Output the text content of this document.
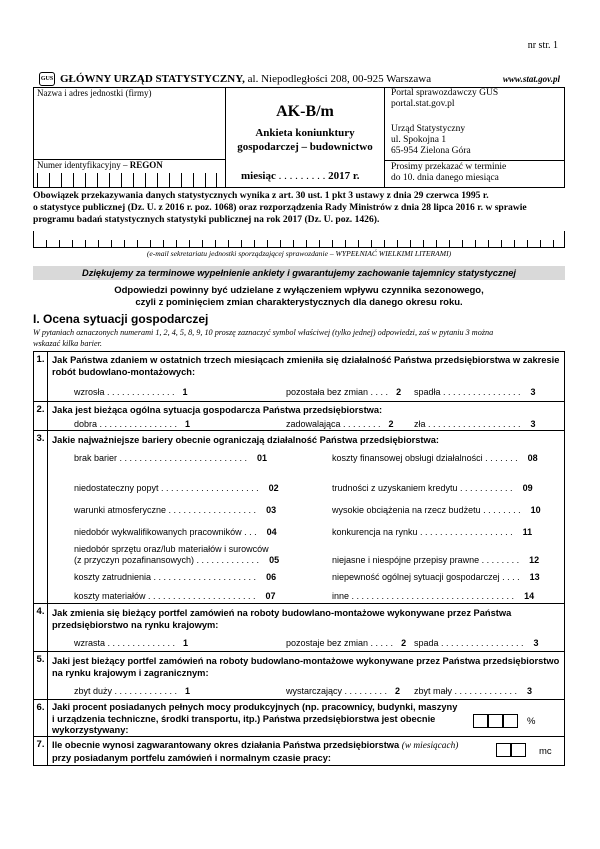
nr str. 1
GUS GŁÓWNY URZĄD STATYSTYCZNY, al. Niepodległości 208, 00-925 Warszawa	www.stat.gov.pl
Nazwa i adres jednostki (firmy)
Numer identyfikacyjny – REGON
AK-B/m
Ankieta koniunktury
gospodarczej – budownictwo
miesiąc . . . . . . . . . 2017 r.
Portal sprawozdawczy GUS
portal.stat.gov.pl
Urząd Statystyczny
ul. Spokojna 1
65-954 Zielona Góra
Prosimy przekazać w terminie
do 10. dnia danego miesiąca
Obowiązek przekazywania danych statystycznych wynika z art. 30 ust. 1 pkt 3 ustawy z dnia 29 czerwca 1995 r.
o statystyce publicznej (Dz. U. z 2016 r. poz. 1068) oraz rozporządzenia Rady Ministrów z dnia 28 lipca 2016 r. w sprawie
programu badań statystycznych statystyki publicznej na rok 2017 (Dz. U. poz. 1426).
(e-mail sekretariatu jednostki sporządzającej sprawozdanie – WYPEŁNIAĆ WIELKIMI LITERAMI)
Dziękujemy za terminowe wypełnienie ankiety i gwarantujemy zachowanie tajemnicy statystycznej
Odpowiedzi powinny być udzielane z wyłączeniem wpływu czynnika sezonowego,
czyli z pominięciem zmian charakterystycznych dla danego okresu roku.
I. Ocena sytuacji gospodarczej
W pytaniach oznaczonych numerami 1, 2, 4, 5, 8, 9, 10 proszę zaznaczyć symbol właściwej (tylko jednej) odpowiedzi, zaś w pytaniu 3 można
wskazać kilka barier.
1. Jak Państwa zdaniem w ostatnich trzech miesiącach zmieniła się działalność Państwa przedsiębiorstwa w zakresie
robót budowlano-montażowych:
wzrosła . . . . . . . . . . . . . . 1	pozostała bez zmian . . . . 2 spadła . . . . . . . . . . . . . . . . 3
2. Jaka jest bieżąca ogólna sytuacja gospodarcza Państwa przedsiębiorstwa:
dobra . . . . . . . . . . . . . . . . 1	zadowalająca . . . . . . . . 2 zła . . . . . . . . . . . . . . . . . . . 3
3. Jakie najważniejsze bariery obecnie ograniczają działalność Państwa przedsiębiorstwa:
brak barier . . . . . . . . . . . . . . . . . . . . . . . . . . 01
niedostateczny popyt . . . . . . . . . . . . . . . . . . . . 02
warunki atmosferyczne . . . . . . . . . . . . . . . . . . 03
niedobór wykwalifikowanych pracowników . . . 04
niedobór sprzętu oraz/lub materiałów i surowców
(z przyczyn pozafinansowych) . . . . . . . . . . . . . 05
koszty zatrudnienia . . . . . . . . . . . . . . . . . . . . . 06
koszty materiałów . . . . . . . . . . . . . . . . . . . . . . 07
koszty finansowej obsługi działalności . . . . . . . 08
trudności z uzyskaniem kredytu . . . . . . . . . . . 09
wysokie obciążenia na rzecz budżetu . . . . . . . . 10
konkurencja na rynku . . . . . . . . . . . . . . . . . . . 11
niejasne i niespójne przepisy prawne . . . . . . . . 12
niepewność ogólnej sytuacji gospodarczej . . . . 13
inne . . . . . . . . . . . . . . . . . . . . . . . . . . . . . . . . . 14
4. Jak zmienia się bieżący portfel zamówień na roboty budowlano-montażowe wykonywane przez Państwa
przedsiębiorstwo na rynku krajowym:
wzrasta . . . . . . . . . . . . . . 1	pozostaje bez zmian . . . . . 2 spada . . . . . . . . . . . . . . . . . 3
5. Jaki jest bieżący portfel zamówień na roboty budowlano-montażowe wykonywane przez Państwa przedsiębiorstwo
na rynku krajowym i zagranicznym:
zbyt duży . . . . . . . . . . . . . 1	wystarczający . . . . . . . . . 2 zbyt mały . . . . . . . . . . . . . 3
6. Jaki procent posiadanych pełnych mocy produkcyjnych (np. pracownicy, budynki, maszyny
i urządzenia techniczne, środki transportu, itp.) Państwa przedsiębiorstwa jest obecnie
wykorzystywany:
%
7. Ile obecnie wynosi zagwarantowany okres działania Państwa przedsiębiorstwa (w miesiącach)
przy posiadanym portfelu zamówień i normalnym czasie pracy:
mc
